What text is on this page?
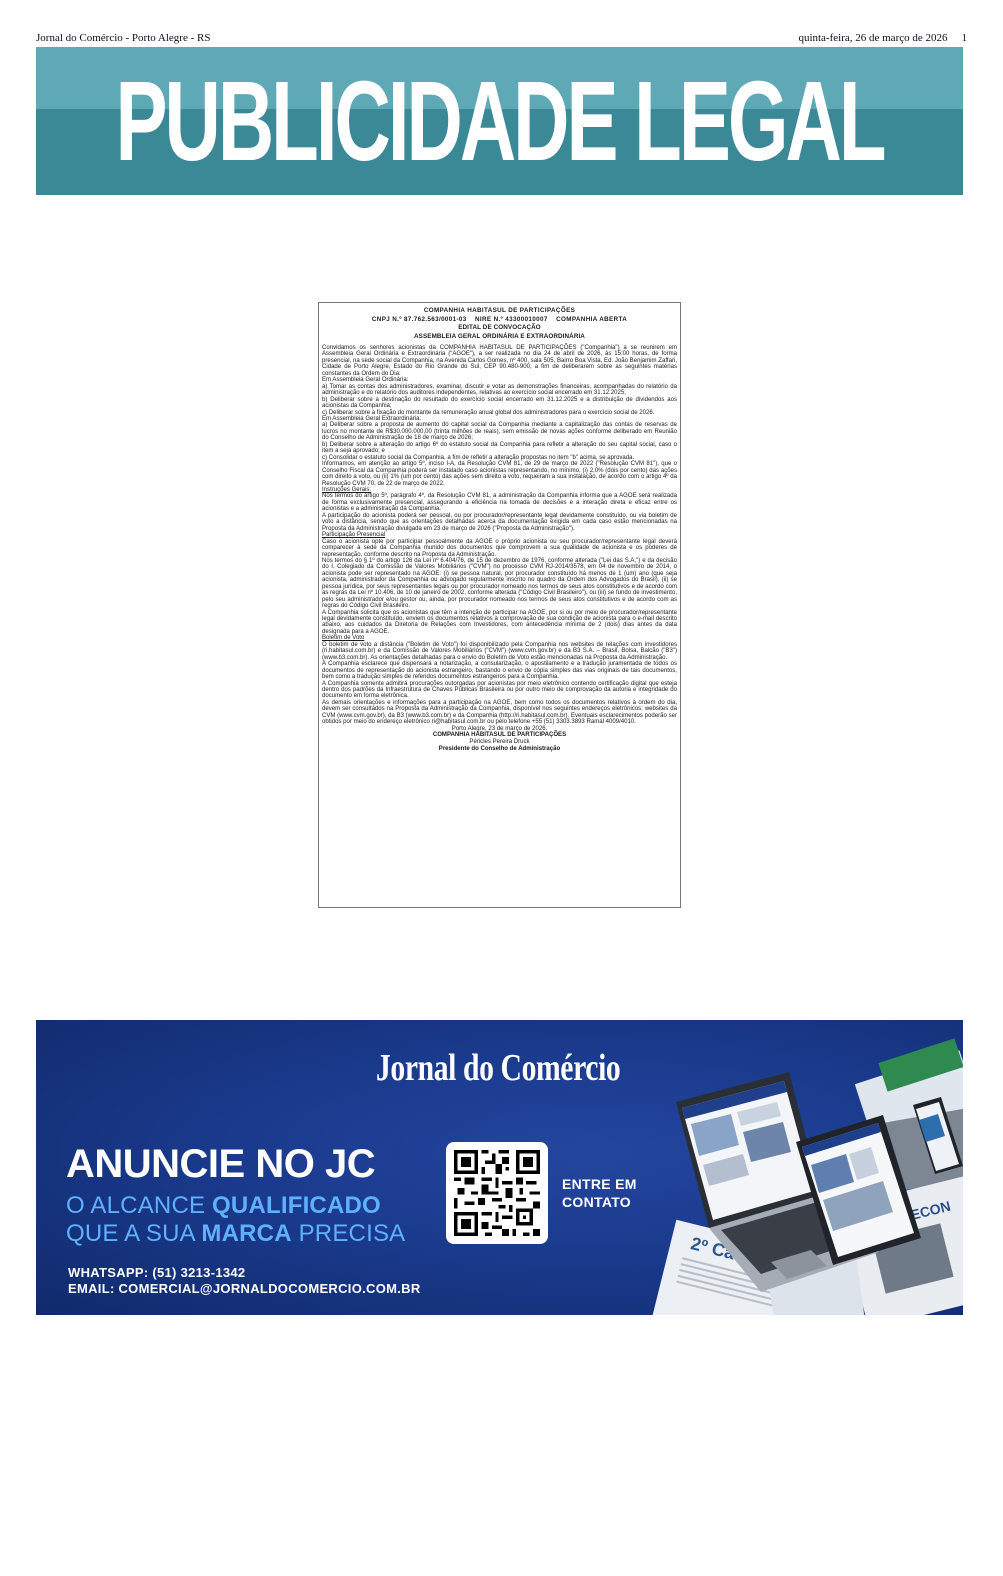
Jornal do Comércio - Porto Alegre - RS	quinta-feira, 26 de março de 2026 1
PUBLICIDADE LEGAL

COMPANHIA HABITASUL DE PARTICIPAÇÕES

CNPJ N.º 87.762.563/0001-03    NIRE N.º 43300010007    COMPANHIA ABERTA

EDITAL DE CONVOCAÇÃO

ASSEMBLEIA GERAL ORDINÁRIA E EXTRAORDINÁRIA

Convidamos os senhores acionistas da COMPANHIA HABITASUL DE PARTICIPAÇÕES ("Companhia") a se reunirem em Assembleia Geral Ordinária e Extraordinária ("AGOE"), a ser realizada no dia 24 de abril de 2026, às 15:00 horas, de forma presencial, na sede social da Companhia, na Avenida Carlos Gomes, nº 400, sala 505, Bairro Boa Vista, Ed. João Benjamim Zaffari, Cidade de Porto Alegre, Estado do Rio Grande do Sul, CEP 90.480-900, a fim de deliberarem sobre as seguintes matérias constantes da Ordem do Dia:

Em Assembleia Geral Ordinária:

a) Tomar as contas dos administradores, examinar, discutir e votar as demonstrações financeiras, acompanhadas do relatório da administração e do relatório dos auditores independentes, relativas ao exercício social encerrado em 31.12.2025;

b) Deliberar sobre a destinação do resultado do exercício social encerrado em 31.12.2025 e a distribuição de dividendos aos acionistas da Companhia;

c) Deliberar sobre a fixação do montante da remuneração anual global dos administradores para o exercício social de 2026.

Em Assembleia Geral Extraordinária:

a) Deliberar sobre a proposta de aumento do capital social da Companhia mediante a capitalização das contas de reservas de lucros no montante de R$30.000.000,00 (trinta milhões de reais), sem emissão de novas ações conforme deliberado em Reunião do Conselho de Administração de 18 de março de 2026;

b) Deliberar sobre a alteração do artigo 6º do estatuto social da Companhia para refletir a alteração do seu capital social, caso o item a seja aprovado; e

c) Consolidar o estatuto social da Companhia, a fim de refletir a alteração propostas no item "b" acima, se aprovada.

Informamos, em atenção ao artigo 5º, inciso I-A, da Resolução CVM 81, de 29 de março de 2022 ("Resolução CVM 81"), que o Conselho Fiscal da Companhia poderá ser instalado caso acionistas representando, no mínimo, (i) 2,0% (dois por cento) das ações com direito a voto, ou (ii) 1% (um por cento) das ações sem direito a voto, requeiram a sua instalação, de acordo com o artigo 4º da Resolução CVM 70, de 22 de março de 2022.

Instruções Gerais:

Nos termos do artigo 5º, parágrafo 4º, da Resolução CVM 81, a administração da Companhia informa que a AGOE será realizada de forma exclusivamente presencial, assegurando a eficiência na tomada de decisões e a interação direta e eficaz entre os acionistas e a administração da Companhia.

A participação do acionista poderá ser pessoal, ou por procurador/representante legal devidamente constituído, ou via boletim de voto a distância, sendo que as orientações detalhadas acerca da documentação exigida em cada caso estão mencionadas na Proposta da Administração divulgada em 23 de março de 2026 ("Proposta da Administração").

Participação Presencial

Caso o acionista opte por participar pessoalmente da AGOE o próprio acionista ou seu procurador/representante legal deverá comparecer à sede da Companhia munido dos documentos que comprovem a sua qualidade de acionista e os poderes de representação, conforme descrito na Proposta da Administração.

Nos termos do § 1º do artigo 126 da Lei nº 6.404/76, de 15 de dezembro de 1976, conforme alterada ("Lei das S.A.") e da decisão do I. Colegiado da Comissão de Valores Mobiliários ("CVM") no processo CVM RJ-2014/3578, em 04 de novembro de 2014, o acionista pode ser representado na AGOE: (i) se pessoa natural, por procurador constituído há menos de 1 (um) ano (que seja acionista, administrador da Companhia ou advogado regularmente inscrito no quadro da Ordem dos Advogados do Brasil), (ii) se pessoa jurídica, por seus representantes legais ou por procurador nomeado nos termos de seus atos constitutivos e de acordo com as regras da Lei nº 10.406, de 10 de janeiro de 2002, conforme alterada ("Código Civil Brasileiro"), ou (iii) se fundo de investimento, pelo seu administrador e/ou gestor ou, ainda, por procurador nomeado nos termos de seus atos constitutivos e de acordo com as regras do Código Civil Brasileiro.

A Companhia solicita que os acionistas que têm a intenção de participar na AGOE, por si ou por meio de procurador/representante legal devidamente constituído, enviem os documentos relativos à comprovação de sua condição de acionista para o e-mail descrito abaixo, aos cuidados da Diretoria de Relações com Investidores, com antecedência mínima de 2 (dois) dias antes da data designada para a AGOE.

Boletim de Voto

O boletim de voto a distância ("Boletim de Voto") foi disponibilizado pela Companhia nos websites de relações com investidores (ri.habitasul.com.br) e da Comissão de Valores Mobiliários ("CVM") (www.cvm.gov.br) e da B3 S.A. – Brasil, Bolsa, Balcão ("B3") (www.b3.com.br). As orientações detalhadas para o envio do Boletim de Voto estão mencionadas na Proposta da Administração.

A Companhia esclarece que dispensará a notarização, a consularização, o apostilamento e a tradução juramentada de todos os documentos de representação do acionista estrangeiro, bastando o envio de cópia simples das vias originais de tais documentos, bem como a tradução simples de referidos documentos estrangeiros para a Companhia.

A Companhia somente admitirá procurações outorgadas por acionistas por meio eletrônico contendo certificação digital que esteja dentro dos padrões da Infraestrutura de Chaves Públicas Brasileira ou por outro meio de comprovação da autoria e integridade do documento em forma eletrônica.

As demais orientações e informações para a participação na AGOE, bem como todos os documentos relativos à ordem do dia, devem ser consultados na Proposta da Administração da Companhia, disponível nos seguintes endereços eletrônicos: websites da CVM (www.cvm.gov.br), da B3 (www.b3.com.br) e da Companhia (http://ri.habitasul.com.br). Eventuais esclarecimentos poderão ser obtidos por meio do endereço eletrônico ri@habitasul.com.br ou pelo telefone +55 (51) 3303.3893 Ramal 4009/4010.

Porto Alegre, 23 de março de 2026.

COMPANHIA HABITASUL DE PARTICIPAÇÕES

Péricles Pereira Druck

Presidente do Conselho de Administração

Jornal do Comércio
ANUNCIE NO JC
O ALCANCE QUALIFICADO
QUE A SUA MARCA PRECISA
WHATSAPP: (51) 3213-1342
EMAIL: COMERCIAL@JORNALDOCOMERCIO.COM.BR
ENTRE EM
CONTATO	ECON
2º
